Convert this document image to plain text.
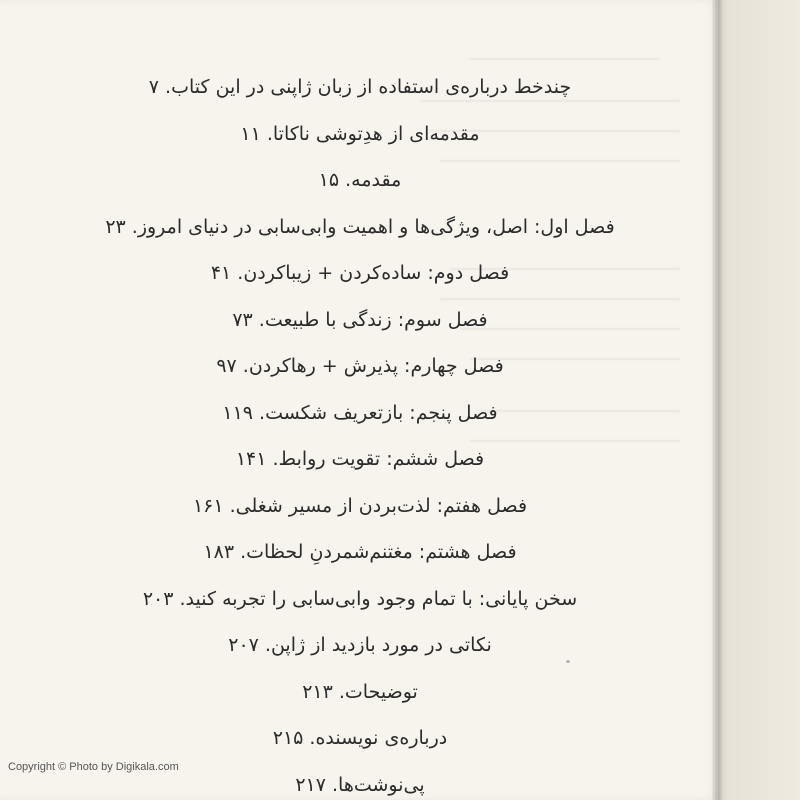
چندخط درباره‌ی استفاده از زبان ژاپنی در این کتاب. ۷
مقدمه‌ای از هدِتوشی ناکاتا. ۱۱
مقدمه. ۱۵
فصل اول: اصل، ویژگی‌ها و اهمیت وابی‌سابی در دنیای امروز. ۲۳
فصل دوم: ساده‌کردن + زیباکردن. ۴۱
فصل سوم: زندگی با طبیعت. ۷۳
فصل چهارم: پذیرش + رهاکردن. ۹۷
فصل پنجم: بازتعریف شکست. ۱۱۹
فصل ششم: تقویت روابط. ۱۴۱
فصل هفتم: لذت‌بردن از مسیر شغلی. ۱۶۱
فصل هشتم: مغتنم‌شمردنِ لحظات. ۱۸۳
سخن پایانی: با تمام وجود وابی‌سابی را تجربه کنید. ۲۰۳
نکاتی در مورد بازدید از ژاپن. ۲۰۷
توضیحات. ۲۱۳
درباره‌ی نویسنده. ۲۱۵
پی‌نوشت‌ها. ۲۱۷
Copyright © Photo by Digikala.com
